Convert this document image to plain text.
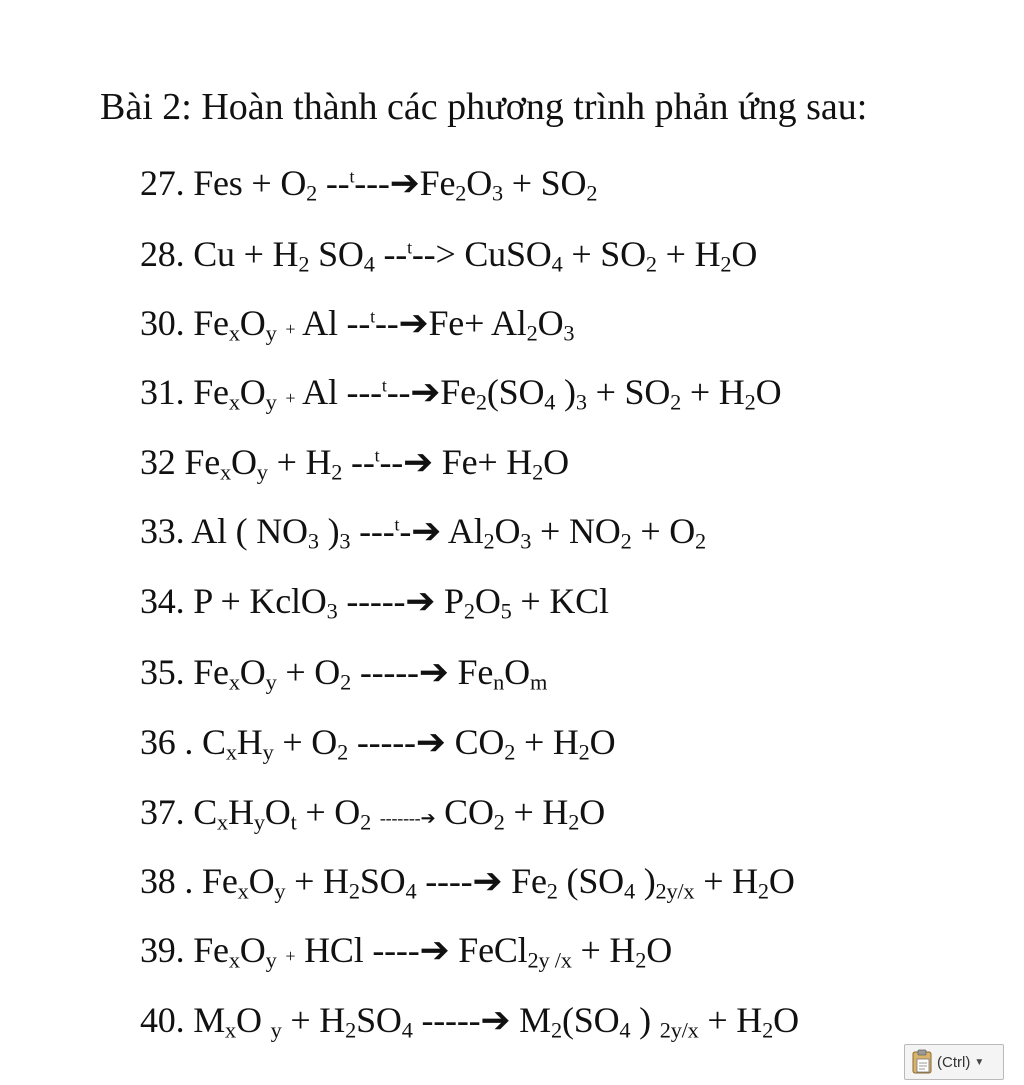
Bài 2: Hoàn thành các phương trình phản ứng sau:
27. Fes + $O_2$ $--^t---➔Fe_2O_3 + SO_2$
28. $Cu + H_2$ $SO_4$ --$^t$--> CuSO$_4$ + $SO_2 + H_2O$
30. $Fe_xO_y + Al$ --$^t$--➔Fe+ $Al_2O_3$
31. $Fe_xO_y + Al$ $---^t--➔Fe_2(SO_4$ )$_3 + SO_2 + H_2O$
32 $Fe_xO_y + H_2$ --$^t$--➔ $Fe+ H_2O$
33. Al ( $NO_3$ )$_3$ ---$^t$-➔ $Al_2O_3 + NO_2 + O_2$
34. P + KclO$_3$ -----➔ $P_2O_5$ + KCl
35. $Fe_xO_y + O_2$ -----➔ $Fe_nO_m$
36 . $C_xH_y + O_2$ -----➔ $CO_2 + H_2O$
37. $C_xH_yO_t + O_2$ -------➔ $CO_2 + H_2O$
38 . $Fe_xO_y + H_2SO_4$ ----➔ $Fe_2$ ($SO_4$ )$_{2y/x} + H_2O$
39. $Fe_xO_y$ + HCl ----➔ FeCl$_{2y /x}$ + $H_2O$
40. $M_xO$ $_y + H_2SO_4$ -----➔ $M_2(SO_4$ ) $_{2y/x} + H_2O$
(Ctrl) ▼
